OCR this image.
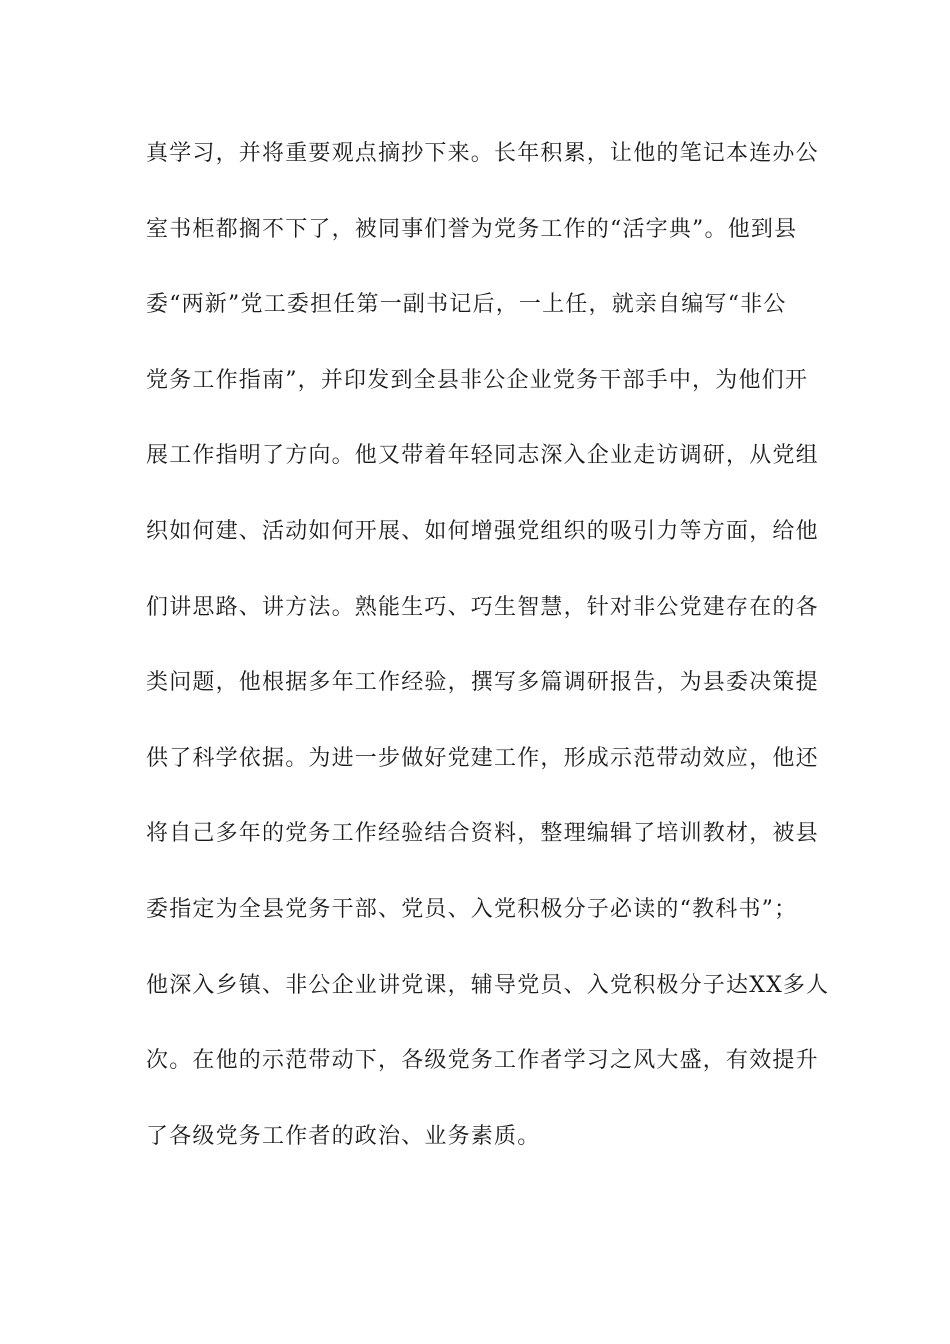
真学习，并将重要观点摘抄下来。长年积累，让他的笔记本连办公
室书柜都搁不下了，被同事们誉为党务工作的“活字典”。他到县
委“两新”党工委担任第一副书记后，一上任，就亲自编写“非公
党务工作指南”，并印发到全县非公企业党务干部手中，为他们开
展工作指明了方向。他又带着年轻同志深入企业走访调研，从党组
织如何建、活动如何开展、如何增强党组织的吸引力等方面，给他
们讲思路、讲方法。熟能生巧、巧生智慧，针对非公党建存在的各
类问题，他根据多年工作经验，撰写多篇调研报告，为县委决策提
供了科学依据。为进一步做好党建工作，形成示范带动效应，他还
将自己多年的党务工作经验结合资料，整理编辑了培训教材，被县
委指定为全县党务干部、党员、入党积极分子必读的“教科书”；
他深入乡镇、非公企业讲党课，辅导党员、入党积极分子达XX多人
次。在他的示范带动下，各级党务工作者学习之风大盛，有效提升
了各级党务工作者的政治、业务素质。
